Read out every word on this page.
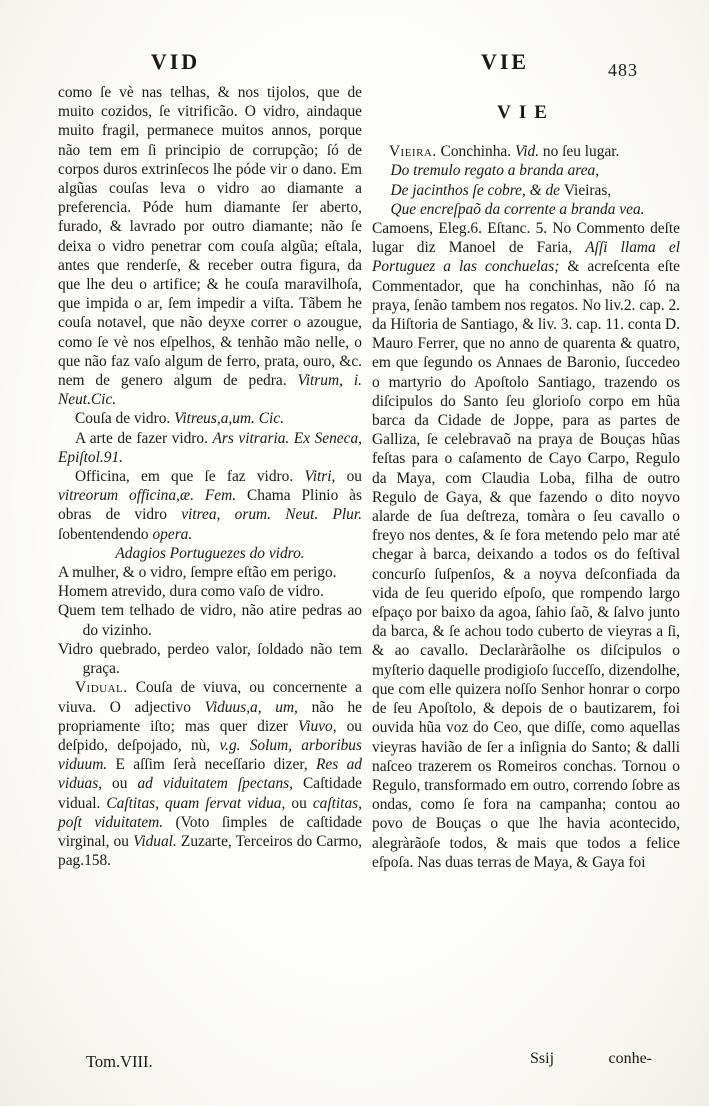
VID	VIE	483

como ſe vè nas telhas, & nos tijolos, que de muito cozidos, ſe vitrificão. O vidro, aindaque muito fragil, permanece muitos annos, porque não tem em ſi principio de corrupção; ſó de corpos duros extrinſecos lhe póde vir o dano. Em algũas couſas leva o vidro ao diamante a preferencia. Póde hum diamante ſer aberto, furado, & lavrado por outro diamante; não ſe deixa o vidro penetrar com couſa algũa; eſtala, antes que renderſe, & receber outra figura, da que lhe deu o artifice; & he couſa maravilhoſa, que impida o ar, ſem impedir a viſta. Tãbem he couſa notavel, que não deyxe correr o azougue, como ſe vè nos eſpelhos, & tenhão mão nelle, o que não faz vaſo algum de ferro, prata, ouro, &c. nem de genero algum de pedra. Vitrum, i. Neut.Cic.

Couſa de vidro. Vitreus,a,um. Cic.

A arte de fazer vidro. Ars vitraria. Ex Seneca, Epiſtol.91.

Officina, em que ſe faz vidro. Vitri, ou vitreorum officina,æ. Fem. Chama Plinio às obras de vidro vitrea, orum. Neut. Plur. ſobentendendo opera.

Adagios Portuguezes do vidro.

A mulher, & o vidro, ſempre eſtão em perigo.

Homem atrevido, dura como vaſo de vidro.

Quem tem telhado de vidro, não atire pedras ao do vizinho.

Vidro quebrado, perdeo valor, ſoldado não tem graça.

Vidual. Couſa de viuva, ou concernente a viuva. O adjectivo Viduus,a, um, não he propriamente iſto; mas quer dizer Viuvo, ou deſpido, deſpojado, nù, v.g. Solum, arboribus viduum. E aſſim ſerà neceſſario dizer, Res ad viduas, ou ad viduitatem ſpectans, Caſtidade vidual. Caſtitas, quam ſervat vidua, ou caſtitas, poſt viduitatem. (Voto ſimples de caſtidade virginal, ou Vidual. Zuzarte, Terceiros do Carmo, pag.158.

VIE

Vieira. Conchinha. Vid. no ſeu lugar.

Do tremulo regato a branda area,

De jacinthos ſe cobre, & de Vieiras,

Que encreſpaõ da corrente a branda vea.

Camoens, Eleg.6. Eſtanc. 5. No Commento deſte lugar diz Manoel de Faria, Aſſi llama el Portuguez a las conchuelas; & acreſcenta eſte Commentador, que ha conchinhas, não ſó na praya, ſenão tambem nos regatos. No liv.2. cap. 2. da Hiſtoria de Santiago, & liv. 3. cap. 11. conta D. Mauro Ferrer, que no anno de quarenta & quatro, em que ſegundo os Annaes de Baronio, ſuccedeo o martyrio do Apoſtolo Santiago, trazendo os diſcipulos do Santo ſeu glorioſo corpo em hũa barca da Cidade de Joppe, para as partes de Galliza, ſe celebravaõ na praya de Bouças hũas feſtas para o caſamento de Cayo Carpo, Regulo da Maya, com Claudia Loba, filha de outro Regulo de Gaya, & que fazendo o dito noyvo alarde de ſua deſtreza, tomàra o ſeu cavallo o freyo nos dentes, & ſe fora metendo pelo mar até chegar à barca, deixando a todos os do feſtival concurſo ſuſpenſos, & a noyva deſconfiada da vida de ſeu querido eſpoſo, que rompendo largo eſpaço por baixo da agoa, ſahio ſaõ, & ſalvo junto da barca, & ſe achou todo cuberto de vieyras a ſi, & ao cavallo. Declaràrãolhe os diſcipulos o myſterio daquelle prodigioſo ſucceſſo, dizendolhe, que com elle quizera noſſo Senhor honrar o corpo de ſeu Apoſtolo, & depois de o bautizarem, foi ouvida hũa voz do Ceo, que diſſe, como aquellas vieyras havião de ſer a inſignia do Santo; & dalli naſceo trazerem os Romeiros conchas. Tornou o Regulo, transformado em outro, correndo ſobre as ondas, como ſe fora na campanha; contou ao povo de Bouças o que lhe havia acontecido, alegràrãoſe todos, & mais que todos a felice eſpoſa. Nas duas terras de Maya, & Gaya foi

Tom.VIII.	Ssij	conhe-
